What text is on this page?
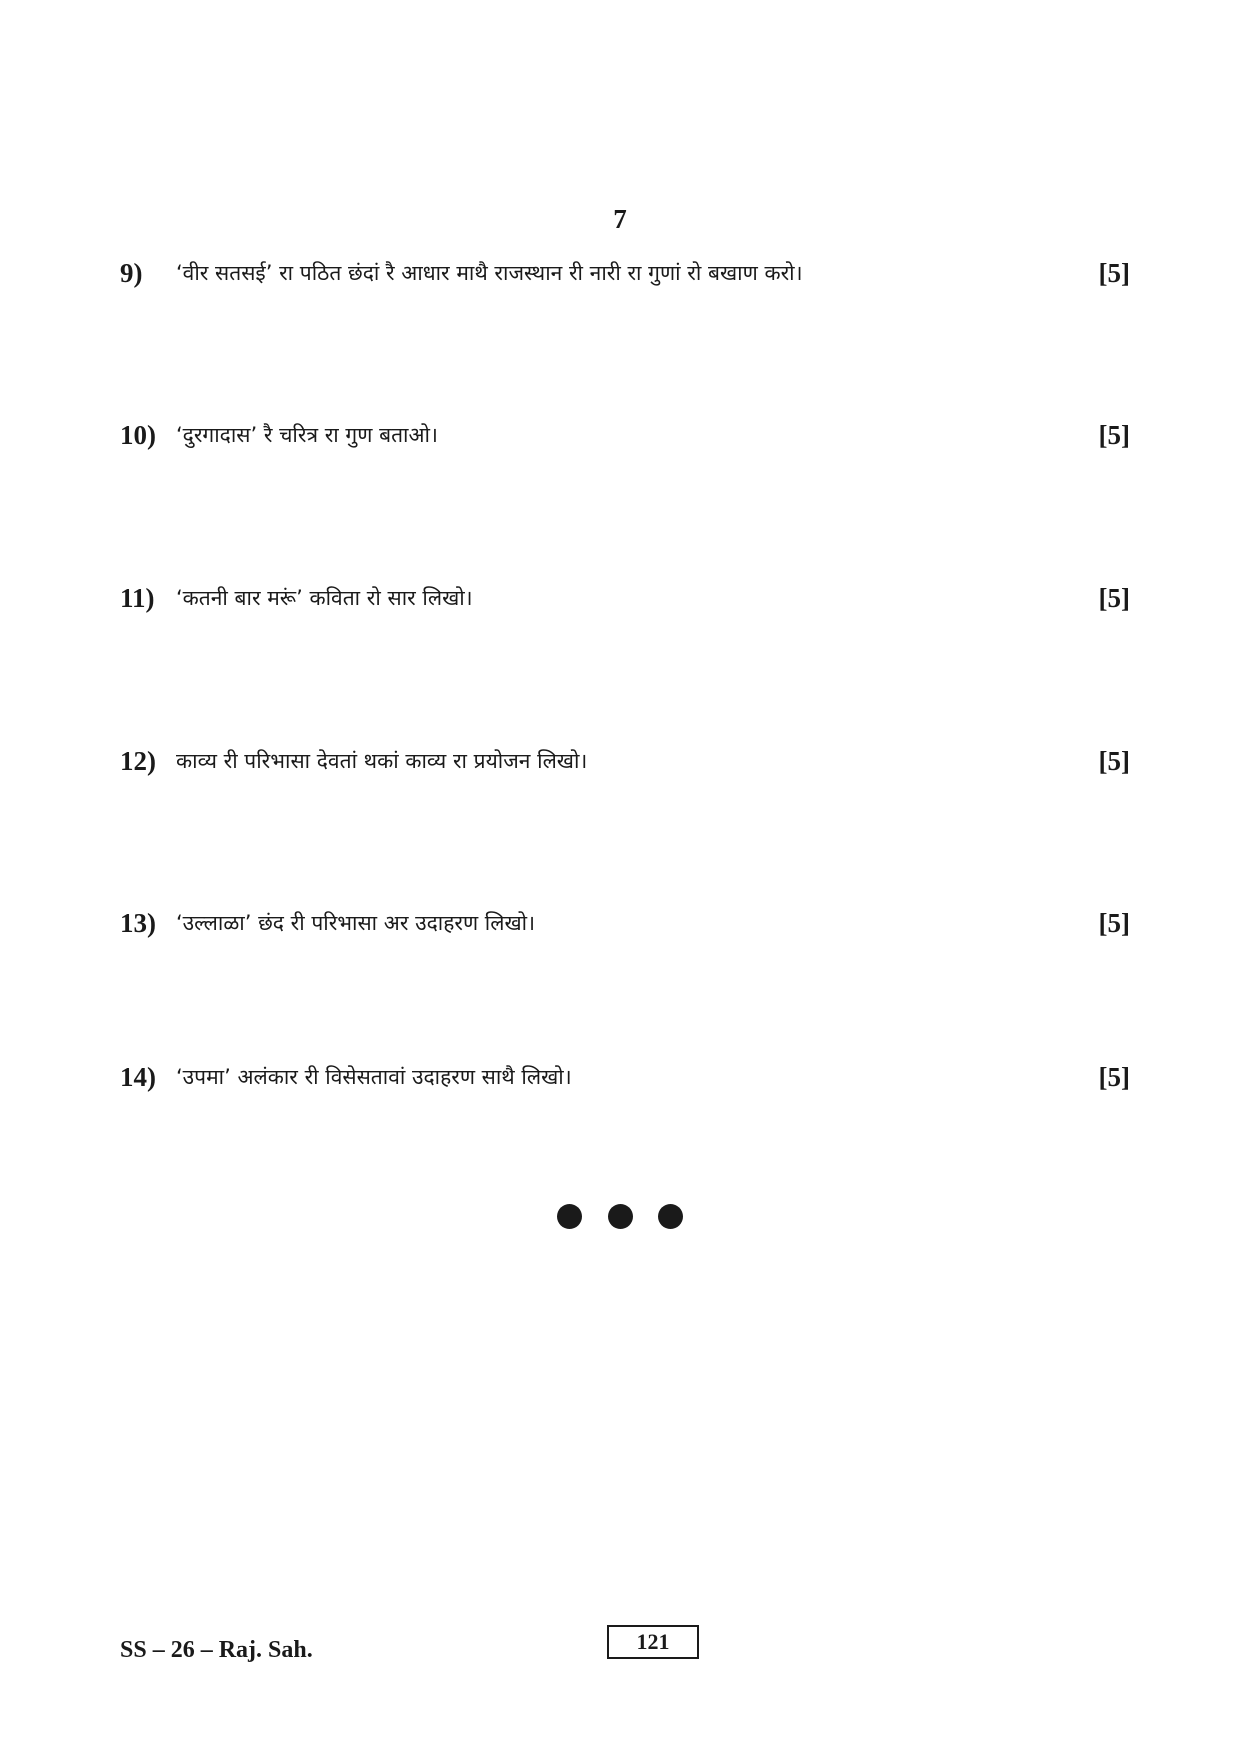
7
9) ‘वीर सतसई’ रा पठित छंदां रै आधार माथै राजस्थान री नारी रा गुणां रो बखाण करो।	[5]
10) ‘दुरगादास’ रै चरित्र रा गुण बताओ।	[5]
11) ‘कतनी बार मरूं’ कविता रो सार लिखो।	[5]
12) काव्य री परिभासा देवतां थकां काव्य रा प्रयोजन लिखो।	[5]
13) ‘उल्लाळा’ छंद री परिभासा अर उदाहरण लिखो।	[5]
14) ‘उपमा’ अलंकार री विसेसतावां उदाहरण साथै लिखो।	[5]

SS – 26 – Raj. Sah.	121
